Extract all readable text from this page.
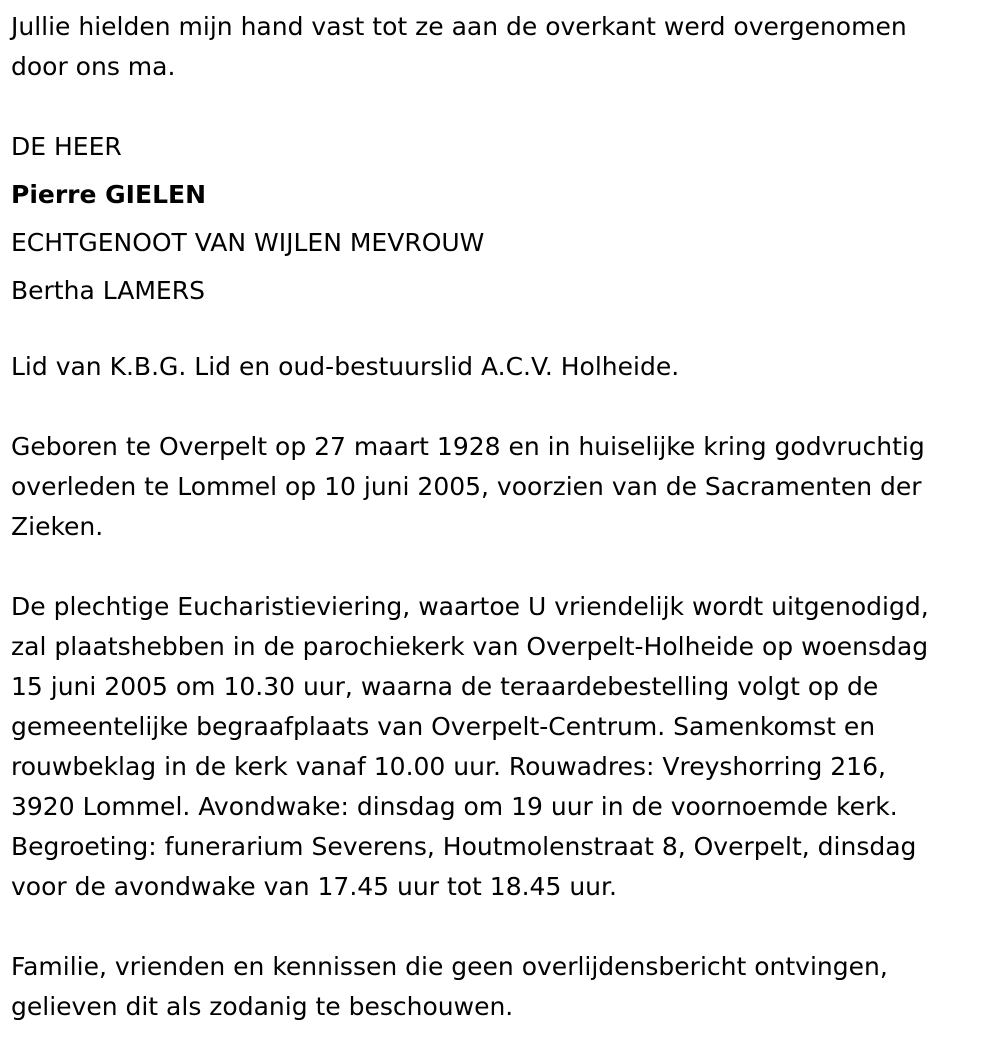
Jullie hielden mijn hand vast tot ze aan de overkant werd overgenomen

door ons ma.

DE HEER

Pierre GIELEN

ECHTGENOOT VAN WIJLEN MEVROUW

Bertha LAMERS

Lid van K.B.G. Lid en oud-bestuurslid A.C.V. Holheide.

Geboren te Overpelt op 27 maart 1928 en in huiselijke kring godvruchtig

overleden te Lommel op 10 juni 2005, voorzien van de Sacramenten der

Zieken.

De plechtige Eucharistieviering, waartoe U vriendelijk wordt uitgenodigd,

zal plaatshebben in de parochiekerk van Overpelt-Holheide op woensdag

15 juni 2005 om 10.30 uur, waarna de teraardebestelling volgt op de

gemeentelijke begraafplaats van Overpelt-Centrum. Samenkomst en

rouwbeklag in de kerk vanaf 10.00 uur. Rouwadres: Vreyshorring 216,

3920 Lommel. Avondwake: dinsdag om 19 uur in de voornoemde kerk.

Begroeting: funerarium Severens, Houtmolenstraat 8, Overpelt, dinsdag

voor de avondwake van 17.45 uur tot 18.45 uur.

Familie, vrienden en kennissen die geen overlijdensbericht ontvingen,

gelieven dit als zodanig te beschouwen.
